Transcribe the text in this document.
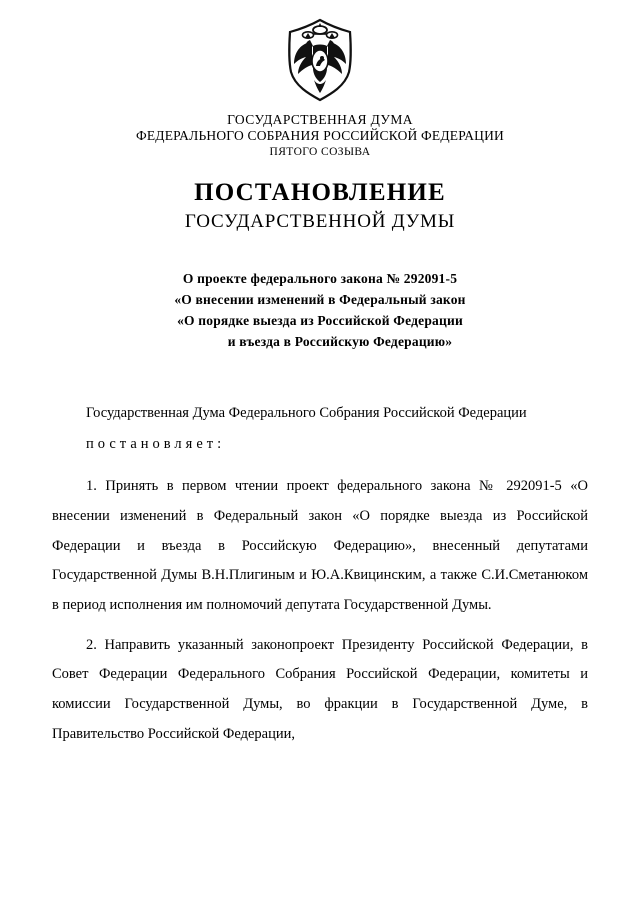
ГОСУДАРСТВЕННАЯ ДУМА
ФЕДЕРАЛЬНОГО СОБРАНИЯ РОССИЙСКОЙ ФЕДЕРАЦИИ
ПЯТОГО СОЗЫВА
ПОСТАНОВЛЕНИЕ
ГОСУДАРСТВЕННОЙ ДУМЫ
О проекте федерального закона № 292091-5
«О внесении изменений в Федеральный закон
«О порядке выезда из Российской Федерации
и въезда в Российскую Федерацию»

Государственная Дума Федерального Собрания Российской Федерации

постановляет:

1. Принять в первом чтении проект федерального закона № 292091-5 «О внесении изменений в Федеральный закон «О порядке выезда из Российской Федерации и въезда в Российскую Федерацию», внесенный депутатами Государственной Думы В.Н.Плигиным и Ю.А.Квицинским, а также С.И.Сметанюком в период исполнения им полномочий депутата Государственной Думы.

2. Направить указанный законопроект Президенту Российской Федерации, в Совет Федерации Федерального Собрания Российской Федерации, комитеты и комиссии Государственной Думы, во фракции в Государственной Думе, в Правительство Российской Федерации,
